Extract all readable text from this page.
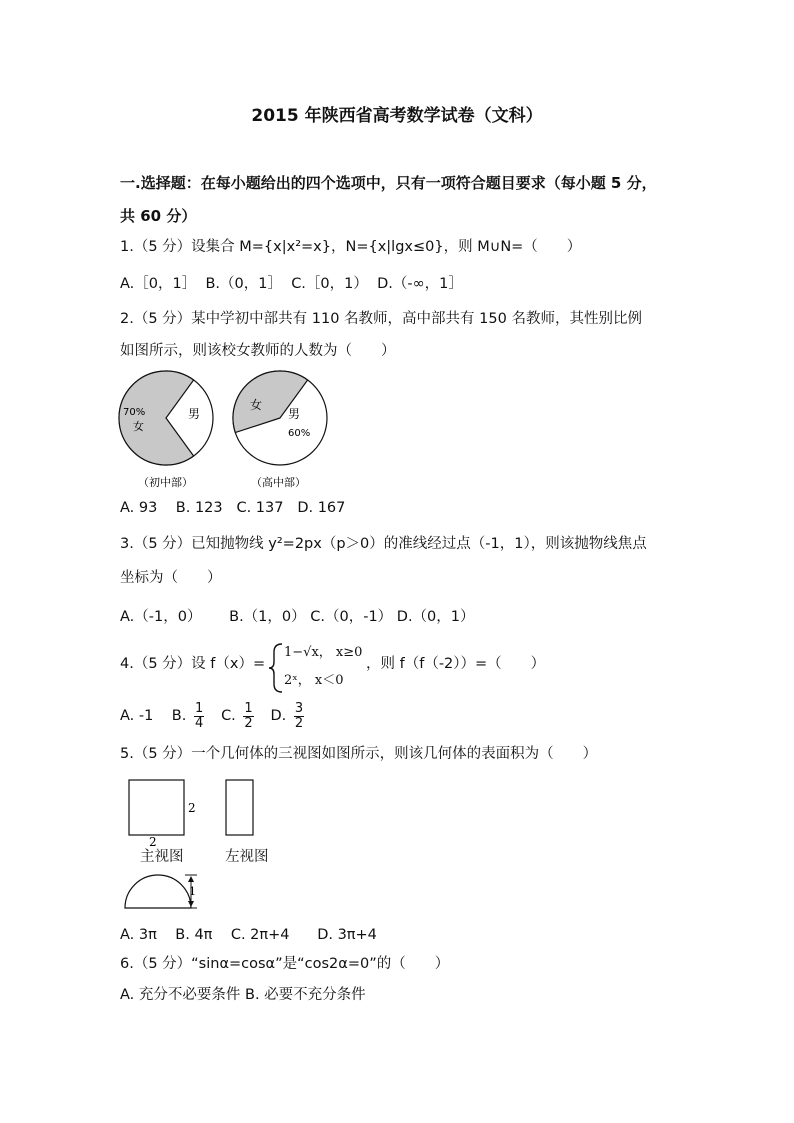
2015 年陕西省高考数学试卷（文科）
一.选择题：在每小题给出的四个选项中，只有一项符合题目要求（每小题 5 分，
共 60 分）
1.（5 分）设集合 M={x|x²=x}，N={x|lgx≤0}，则 M∪N=（　　）
A.［0，1］ B.（0，1］ C.［0，1） D.（-∞，1］
2.（5 分）某中学初中部共有 110 名教师，高中部共有 150 名教师，其性别比例
如图所示，则该校女教师的人数为（　　）
70%
女
男
女
男
60%
（初中部）	（高中部）
A. 93 B. 123 C. 137 D. 167
3.（5 分）已知抛物线 y²=2px（p＞0）的准线经过点（-1，1），则该抛物线焦点
坐标为（　　）
A.（-1，0） B.（1，0） C.（0，-1） D.（0，1）
4.（5 分）设 f（x）=
1−√x， x≥0
2ˣ， x＜0
，则 f（f（-2））=（　　）
A. -1 B. $\frac{1}{4} C$. $\frac{1}{2} D$. $\frac{3}{2}$
5.（5 分）一个几何体的三视图如图所示，则该几何体的表面积为（　　）
2
2
1
主视图	左视图
A. 3π B. 4π C. 2π+4 D. 3π+4
6.（5 分）“sinα=cosα”是“cos2α=0”的（　　）
A. 充分不必要条件 B. 必要不充分条件
